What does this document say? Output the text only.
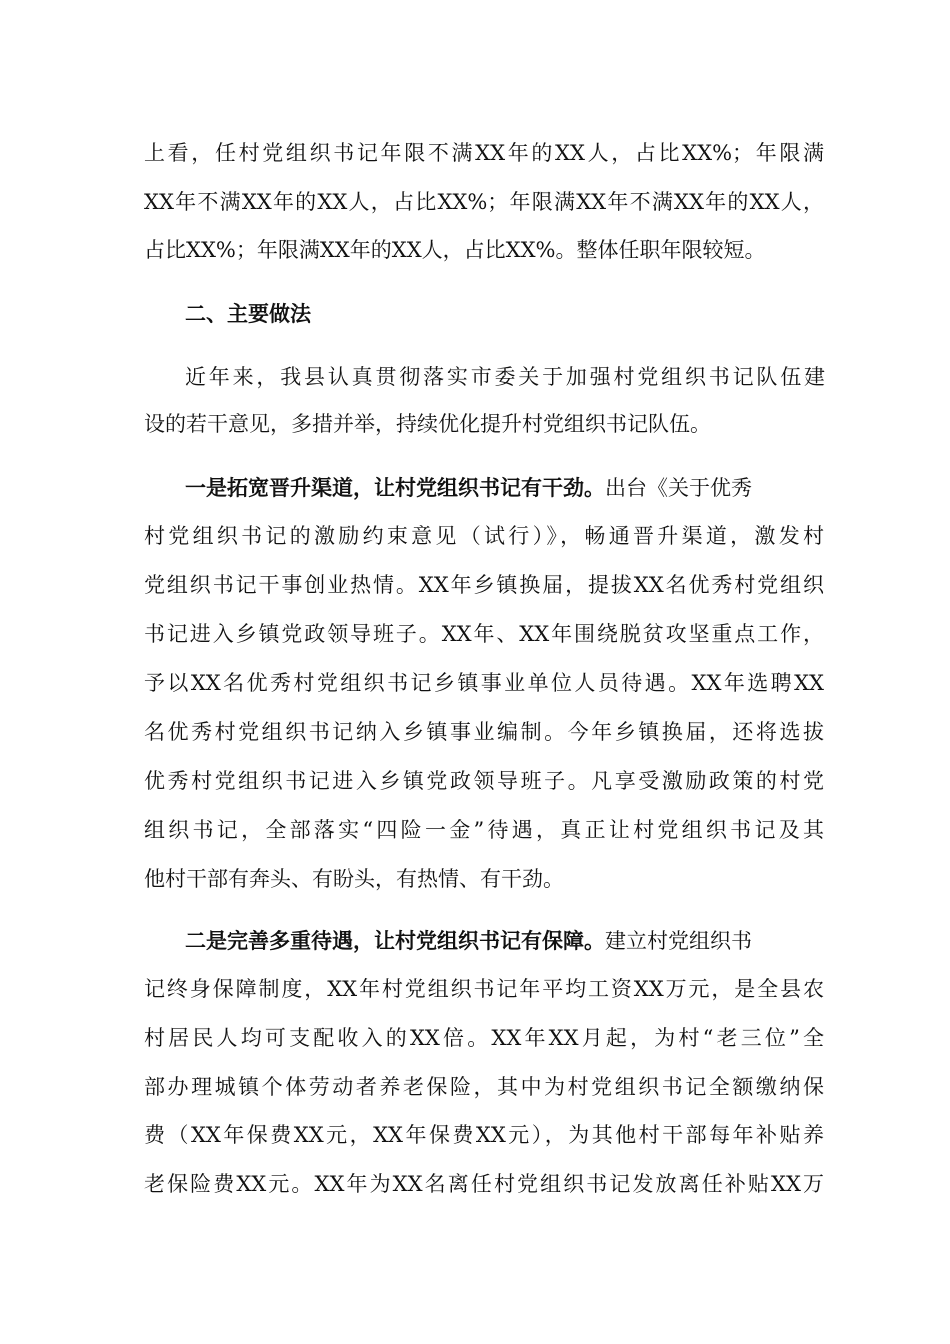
上看，任村党组织书记年限不满XX年的XX人，占比XX%；年限满
XX年不满XX年的XX人，占比XX%；年限满XX年不满XX年的XX人，
占比XX%；年限满XX年的XX人，占比XX%。整体任职年限较短。
二、主要做法
近年来，我县认真贯彻落实市委关于加强村党组织书记队伍建
设的若干意见，多措并举，持续优化提升村党组织书记队伍。
一是拓宽晋升渠道，让村党组织书记有干劲。出台《关于优秀
村党组织书记的激励约束意见（试行）》，畅通晋升渠道，激发村
党组织书记干事创业热情。XX年乡镇换届，提拔XX名优秀村党组织
书记进入乡镇党政领导班子。XX年、XX年围绕脱贫攻坚重点工作，
予以XX名优秀村党组织书记乡镇事业单位人员待遇。XX年选聘XX
名优秀村党组织书记纳入乡镇事业编制。今年乡镇换届，还将选拔
优秀村党组织书记进入乡镇党政领导班子。凡享受激励政策的村党
组织书记，全部落实“四险一金”待遇，真正让村党组织书记及其
他村干部有奔头、有盼头，有热情、有干劲。
二是完善多重待遇，让村党组织书记有保障。建立村党组织书
记终身保障制度，XX年村党组织书记年平均工资XX万元，是全县农
村居民人均可支配收入的XX倍。XX年XX月起，为村“老三位”全
部办理城镇个体劳动者养老保险，其中为村党组织书记全额缴纳保
费（XX年保费XX元，XX年保费XX元），为其他村干部每年补贴养
老保险费XX元。XX年为XX名离任村党组织书记发放离任补贴XX万
